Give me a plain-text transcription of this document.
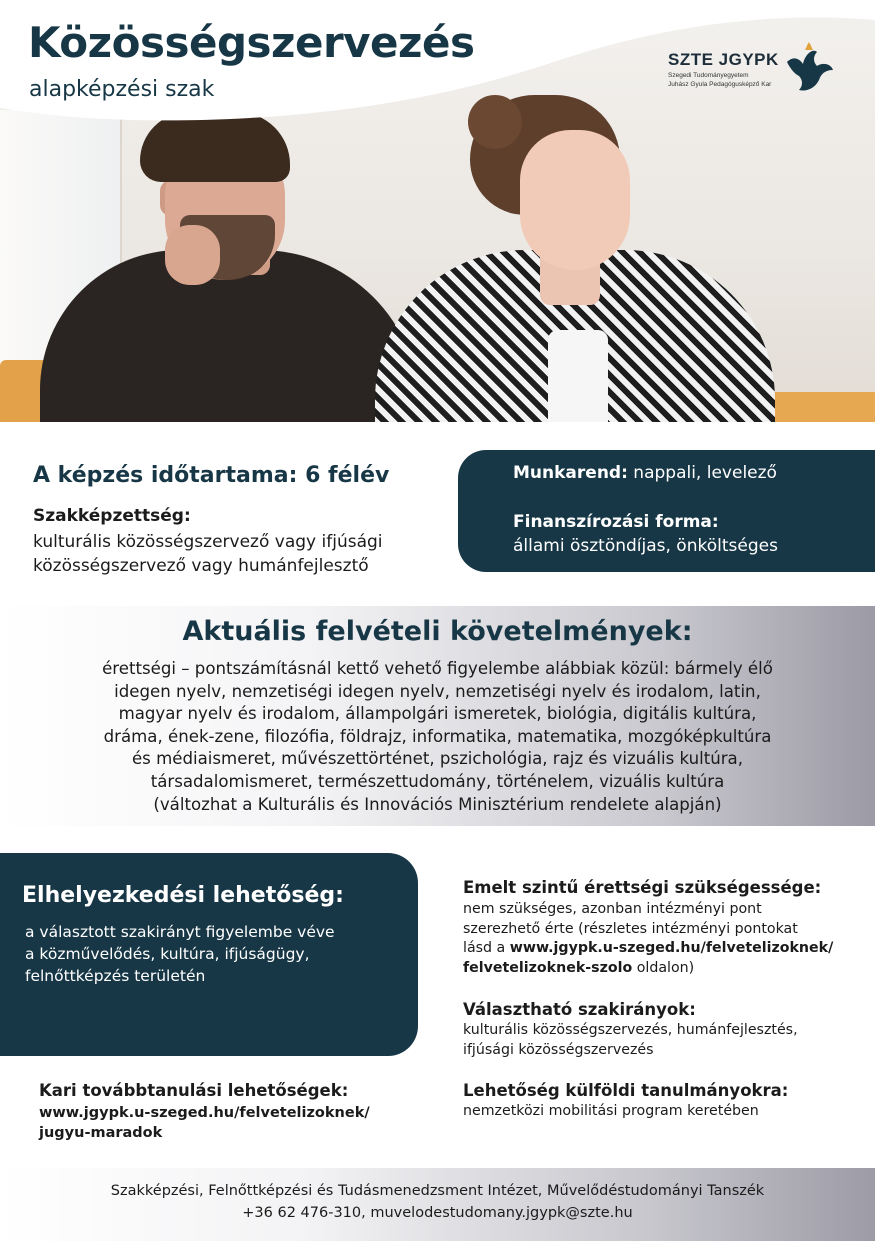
Közösségszervezés
alapképzési szak
SZTE JGYPK
Szegedi Tudományegyetem
Juhász Gyula Pedagógusképző Kar
A képzés időtartama: 6 félév
Szakképzettség:
kulturális közösségszervező vagy ifjúsági közösségszervező vagy humánfejlesztő
Munkarend: nappali, levelező
Finanszírozási forma:
állami ösztöndíjas, önköltséges
Aktuális felvételi követelmények:
érettségi – pontszámításnál kettő vehető figyelembe alábbiak közül: bármely élő
idegen nyelv, nemzetiségi idegen nyelv, nemzetiségi nyelv és irodalom, latin,
magyar nyelv és irodalom, állampolgári ismeretek, biológia, digitális kultúra,
dráma, ének-zene, filozófia, földrajz, informatika, matematika, mozgóképkultúra
és médiaismeret, művészettörténet, pszichológia, rajz és vizuális kultúra,
társadalomismeret, természettudomány, történelem, vizuális kultúra
(változhat a Kulturális és Innovációs Minisztérium rendelete alapján)
Elhelyezkedési lehetőség:
a választott szakirányt figyelembe véve
a közművelődés, kultúra, ifjúságügy,
felnőttképzés területén
Emelt szintű érettségi szükségessége:
nem szükséges, azonban intézményi pont
szerezhető érte (részletes intézményi pontokat
lásd a www.jgypk.u-szeged.hu/felvetelizoknek/
felvetelizoknek-szolo oldalon)
Választható szakirányok:
kulturális közösségszervezés, humánfejlesztés,
ifjúsági közösségszervezés
Lehetőség külföldi tanulmányokra:
nemzetközi mobilitási program keretében
Kari továbbtanulási lehetőségek:
www.jgypk.u-szeged.hu/felvetelizoknek/
jugyu-maradok
Szakképzési, Felnőttképzési és Tudásmenedzsment Intézet, Művelődéstudományi Tanszék
+36 62 476-310, muvelodestudomany.jgypk@szte.hu
